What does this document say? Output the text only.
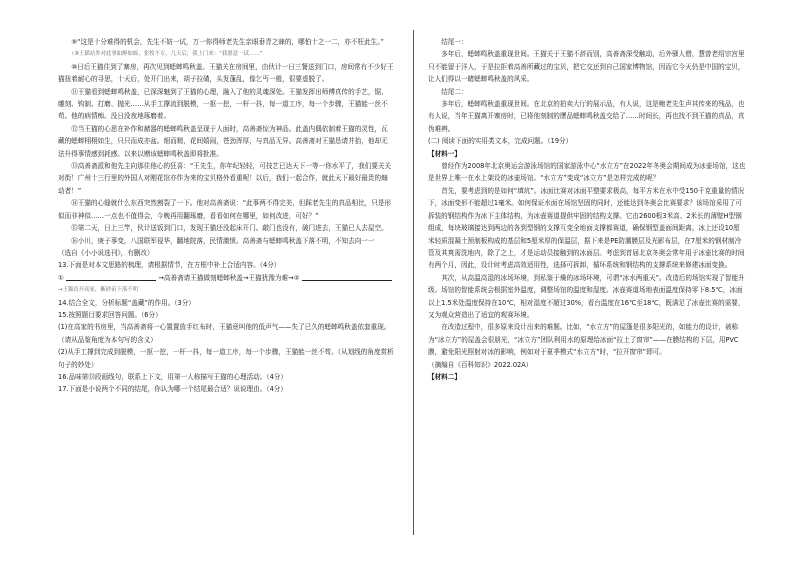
⑨“这是十分难得的机会，先生不妨一试，万一你得师老先生亲眼垂青之睐的，哪怕十之一二，亦不枉此生。”

（⑨王猫站外对此事如醉如痴，张牧不专，几天后，我上门来：“我愿意一试……”

⑩日后王猫住到了寨房，再次见到蟋蟀鸣秋盖。王猫关在房间里，由伙计一日三餐送到门口，房间常有不少好王猫扭着耐心的寻思，十天后，处开门出来，胡子拉碴，头发蓬乱，像乞丐一般，很要虚脱了。

⑪王猫看到蟋蟀鸣秋盖，已深深魅到了王猫的心理，融入了他的灵魂深处。王猫发挥出师傅真传的手艺，锯、雕刻、钩制、打磨、抛光……从手工撑流到脱模，一抠一挖，一杆一抖，每一道工序，每一个步骤，王猫能一丝不苟。他的病情痴。没日没夜地琢磨着。

⑫当王猫的心思在补作和赭器的蟋蟀鸣秋盖呈现于人面时，高善斋惊为神品。此盖内偶依制着王猫的灵性，瓦藏的蟋蟀栩栩如生，只只而成亦盆。细而精，花间嬉闹，苍劲浑厚，与真品无异。高善斋对王猫恳请并抬，他却无法升得事情感到耗感。以来以赠该蟋蟀鸣秋盖即将批准。

⑬高善斋派和他先主向那住他心的狂喜：“王先生，你年纪轻轻，可技艺已达天下一等一你水平了，我们要关关对街！广州十三行里的外国人对刚花馆亦作为来的宝贝格外看重呢！以后，我们一起合作，就此天下最好最贵的煽动者！”

⑭王猫的心缝就什么东西突然割裂了一下。他对高善斋说：“此事两不得完美，但踩老先生的真品相比，只是形似而非神似……一点也不值得会，今晚再用翻琢磨，看看如何在哪里，如何改进，可好？”

⑮第二天，日上三竿，伙计送饭到门口，发现王猫还没起床开门。敲门也没有，破门进去，王猫已人去屋空。

⑯小川，庚子事变，八国联军侵华，翻地院落，民情激愤。高善斋与蟋蟀鸣秋盖下落不明，不知去向一一

（选自《小小说选刊》，有删改）

13.下面是对本文思路的梳理，请根据情节，在方框中补上合适内容。（4分）

①	→高善斋请王猫做刻蟋蟀秋盖→王猫犹豫为难→②

→王猫首开高家，紫砂苗下落不明

14.结合全文，分析标题“盖藏”的作用。（3分）

15.按照题目要求回答问题。（6分）

(1)在高家的书房里，当高善斋将一心置置放手红布时，王猫竟叫他的低声气——失了已久的蟋蟀鸣秋盖依套重现。（请从品鉴角度为本句写的含义）

(2)从手工撑到完成到脱模，一抠一挖，一杆一抖，每一道工序，每一个步骤，王猫能一丝不苟。（从划线的角度赏析句子的妙处）

16.品味第⑬段画线句，联系上下文，用第一人称描写王猫的心理活动。（4分）

17.下面是小说两个不同的结尾，你认为哪一个结尾最合适？说说理由。（4分）

结尾一：

多年后，蟋蟀鸣秋盖重现世间。王猫关于王猫不辞而别，高善斋深受触动，后外骚人僧，慧曾老绍宗宫里只不能留于洋人，于是拉拒着高善所藏过的宝贝，把它交还到自己国家博物馆，因而它今天仍是中国的宝贝，让人们得以一睹蟋蟀鸣秋盖的风采。

结尾二：

多年后，蟋蟀鸣秋盖重现世间。在北京的拍卖大厅的展示品，有人说，这是鲍老先生声其传来的残品，也有人说，当年王猫离开寨房时，已将他刻制的赝品蟋蟀鸣秋盖交给了……时间长，再也找不到王猫的真品，真伪难辨。

(二) 阅读下面的实用类文本，完成问题。（19分）

【材料一】

曾经作为2008年北京奥运会游泳场馆的国家游泳中心“水立方”在2022年冬奥会期间成为冰壶场馆，这也是世界上唯一在水上架设的冰壶场馆。“水立方”变成“冰立方”是怎样完成的呢？

首先，要考虑到的是如何“填坑”。冰面比赛对冰面平整要求极高，每平方米在水中受150千克重量的情况下，冰面变形不能超过1毫米。如何保证水面在场馆坚固的同时，还能达到冬奥会比赛要求？该场馆采用了可拆装的钢结构作为冰下主体结构，为冰壶赛道提供牢固的结构支撑。它由2600根3米高、2米长的薄壁H型钢组成，每块玻璃接达到两边的各到型钢的支撑互变全地面支撑都赛道，确保钢型盖面间距离。冰上还设10厘米轻质混凝土预制板构成的基层和5厘米厚的保温层，据下来是PE防潮膜层及光影布层，在7厘米的钢材制冷管及其爽需洗地内，除了之上，才是运动员接触到的冰面层。考虑到首届北京冬奥会常年用于冰壶比赛的时间有两个月，因此，设计时考虑高效适用性，选择可拆卸，循环系统和钢结构的支撑系统来修建冰面变换。

其次，从高温高湿的冰场环境，到私鉴于燥的冰场环境，可谓“冰水两重天”。改造后的场馆实现了智能升级。场馆的智能系统会根据室外温度，调整场馆的温度和湿度。冰壶赛道场地表面温度保持零下8.5℃，冰面以上1.5米处温度保持在10℃，相对湿度不超过30%，看台温度在16℃至18℃，既满足了冰壶比赛的需要，又为观众营造出了适宜的观赛环境。

在改造过程中，很多原来设计出来的难题。比如，“水立方”的屋篷是很多阳光的，如能力的设计，被称为“冰立方”的屋盖会很朋光，“冰立方”团队利用水的原理给冰面“拉上了窗帘”——在膜结构的下层，用PVC膜，避免阳光照射对冰的影响，例如对于夏季模式“水立方”时，“拉开窗帘”即可。

（摘编自《百科知识》2022.02A）

【材料二】
